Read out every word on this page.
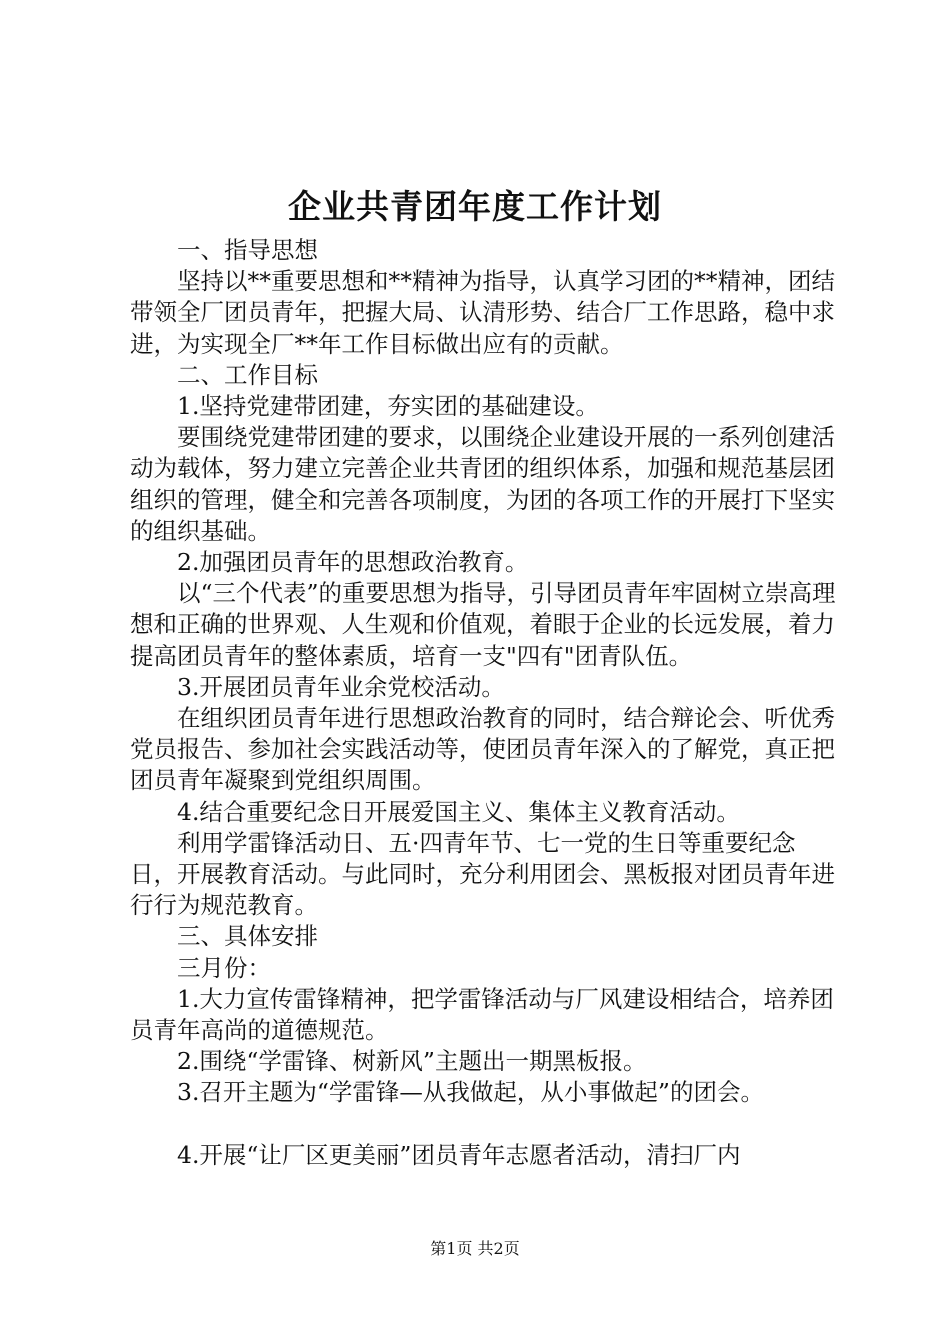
企业共青团年度工作计划

一、指导思想

坚持以**重要思想和**精神为指导，认真学习团的**精神，团结带领全厂团员青年，把握大局、认清形势、结合厂工作思路，稳中求进，为实现全厂**年工作目标做出应有的贡献。

二、工作目标

1.坚持党建带团建，夯实团的基础建设。

要围绕党建带团建的要求，以围绕企业建设开展的一系列创建活动为载体，努力建立完善企业共青团的组织体系，加强和规范基层团组织的管理，健全和完善各项制度，为团的各项工作的开展打下坚实的组织基础。

2.加强团员青年的思想政治教育。

以“三个代表”的重要思想为指导，引导团员青年牢固树立崇高理想和正确的世界观、人生观和价值观，着眼于企业的长远发展，着力提高团员青年的整体素质，培育一支"四有"团青队伍。

3.开展团员青年业余党校活动。

在组织团员青年进行思想政治教育的同时，结合辩论会、听优秀党员报告、参加社会实践活动等，使团员青年深入的了解党，真正把团员青年凝聚到党组织周围。

4.结合重要纪念日开展爱国主义、集体主义教育活动。

利用学雷锋活动日、五·四青年节、七一党的生日等重要纪念日，开展教育活动。与此同时，充分利用团会、黑板报对团员青年进行行为规范教育。

三、具体安排

三月份：

1.大力宣传雷锋精神，把学雷锋活动与厂风建设相结合，培养团员青年高尚的道德规范。

2.围绕“学雷锋、树新风”主题出一期黑板报。

3.召开主题为“学雷锋—从我做起，从小事做起”的团会。

4.开展“让厂区更美丽”团员青年志愿者活动，清扫厂内

第1页 共2页
